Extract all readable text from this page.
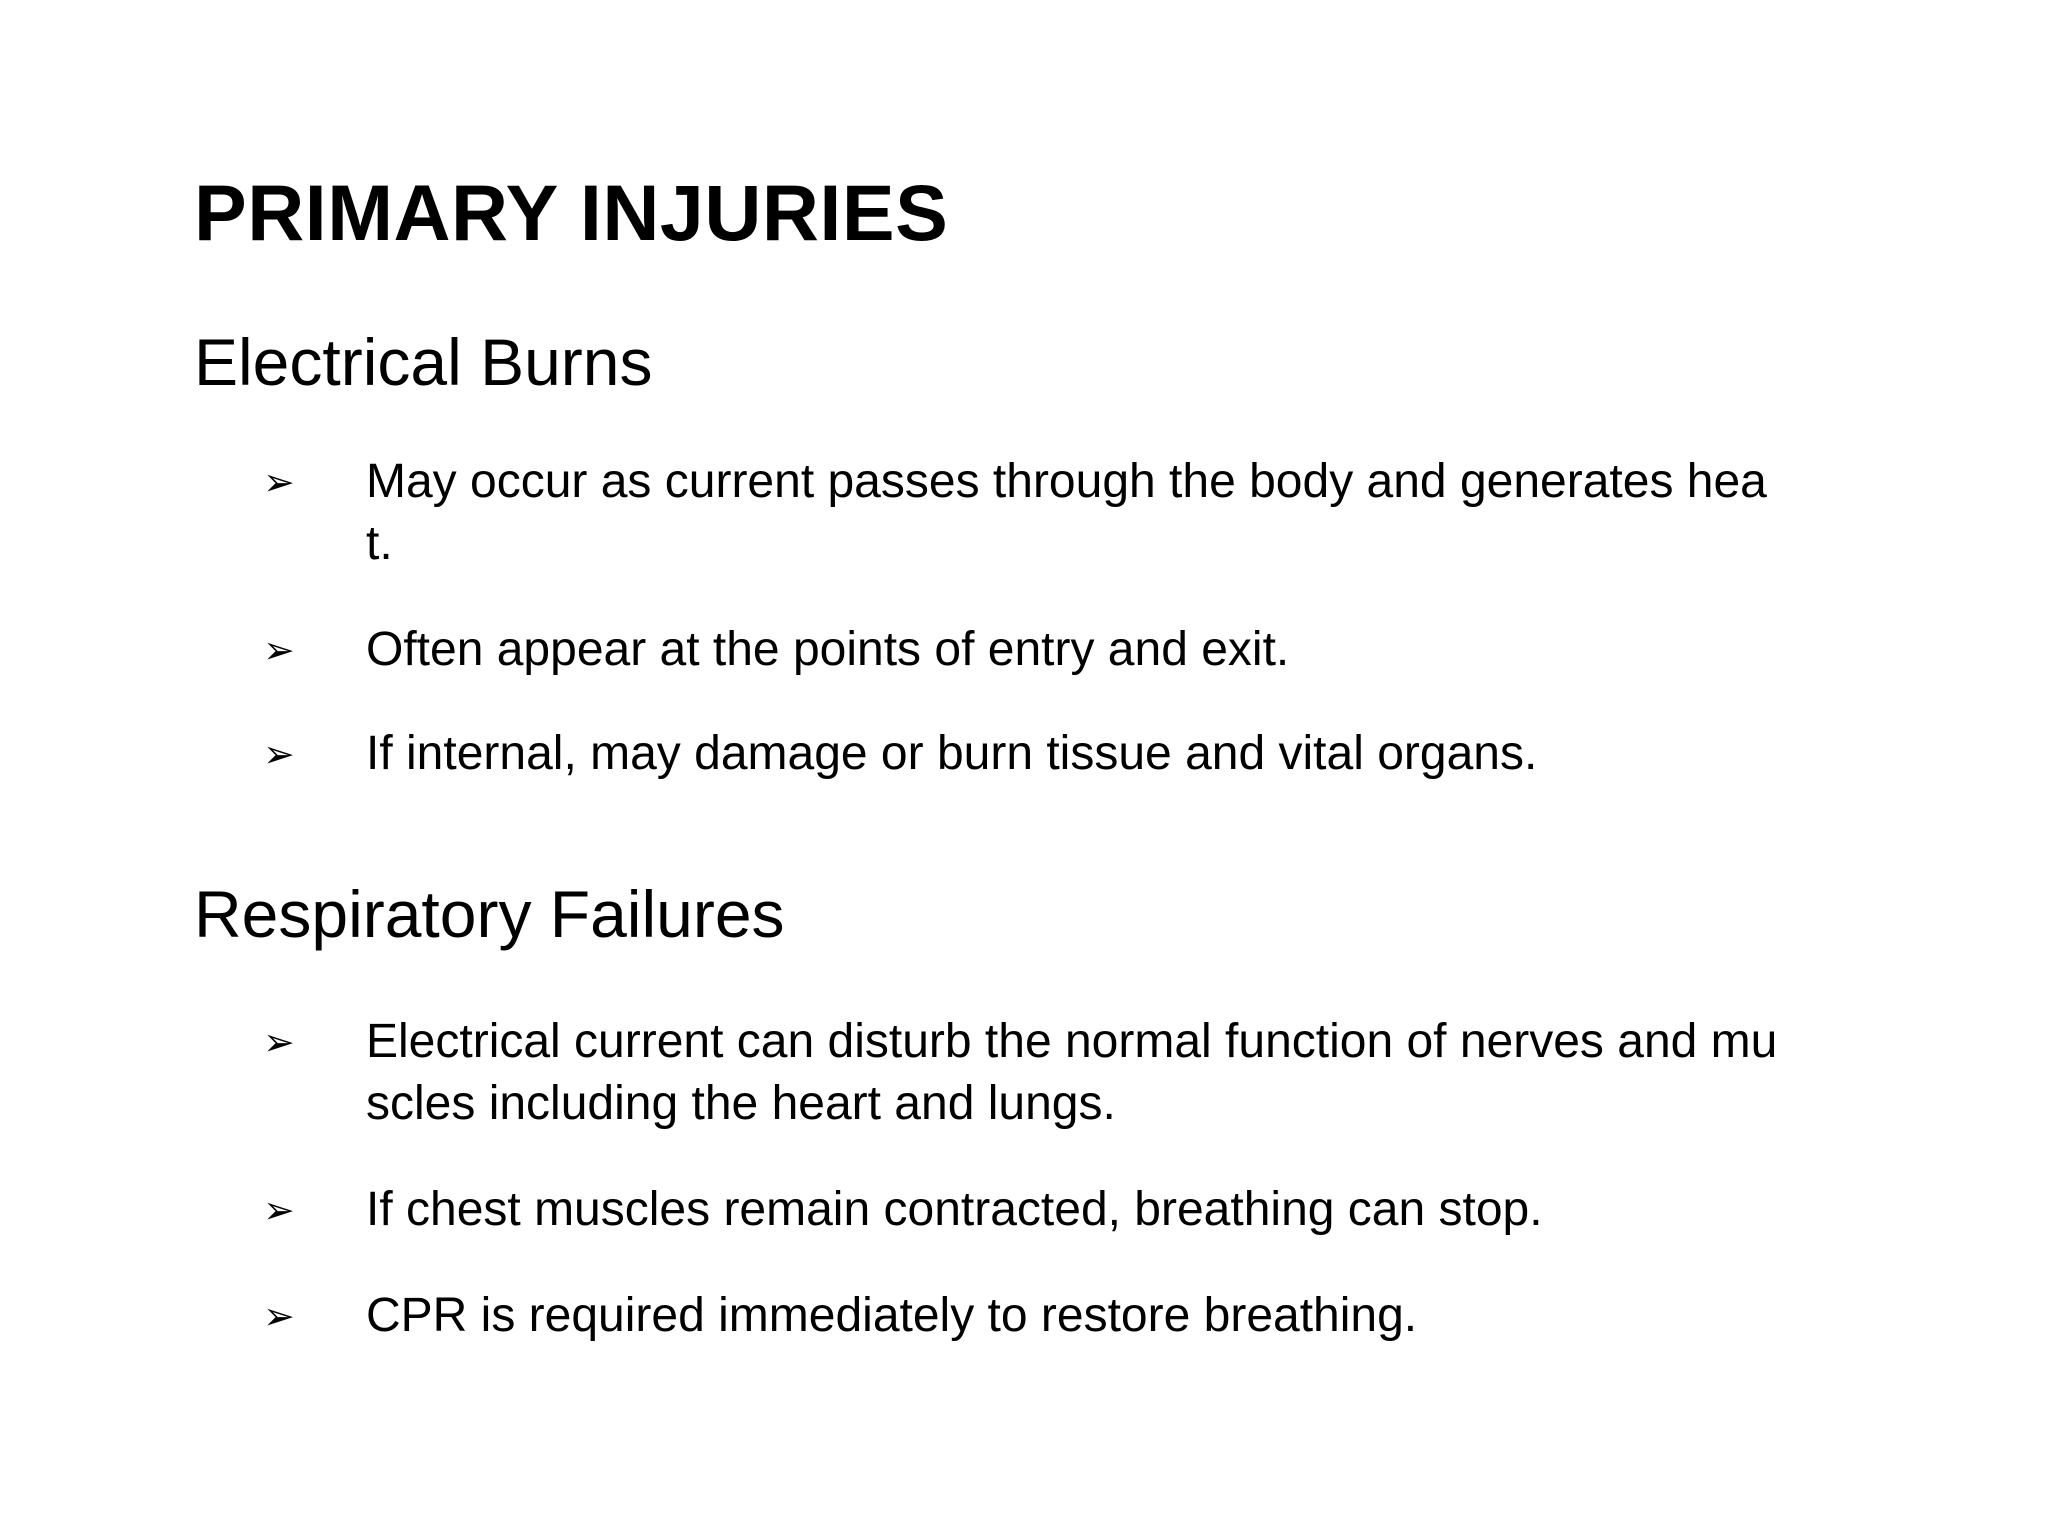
PRIMARY INJURIES
Electrical Burns
➢ May occur as current passes through the body and generates heat.
➢ Often appear at the points of entry and exit.
➢ If internal, may damage or burn tissue and vital organs.
Respiratory Failures
➢ Electrical current can disturb the normal function of nerves and muscles including the heart and lungs.
➢ If chest muscles remain contracted, breathing can stop.
➢ CPR is required immediately to restore breathing.
